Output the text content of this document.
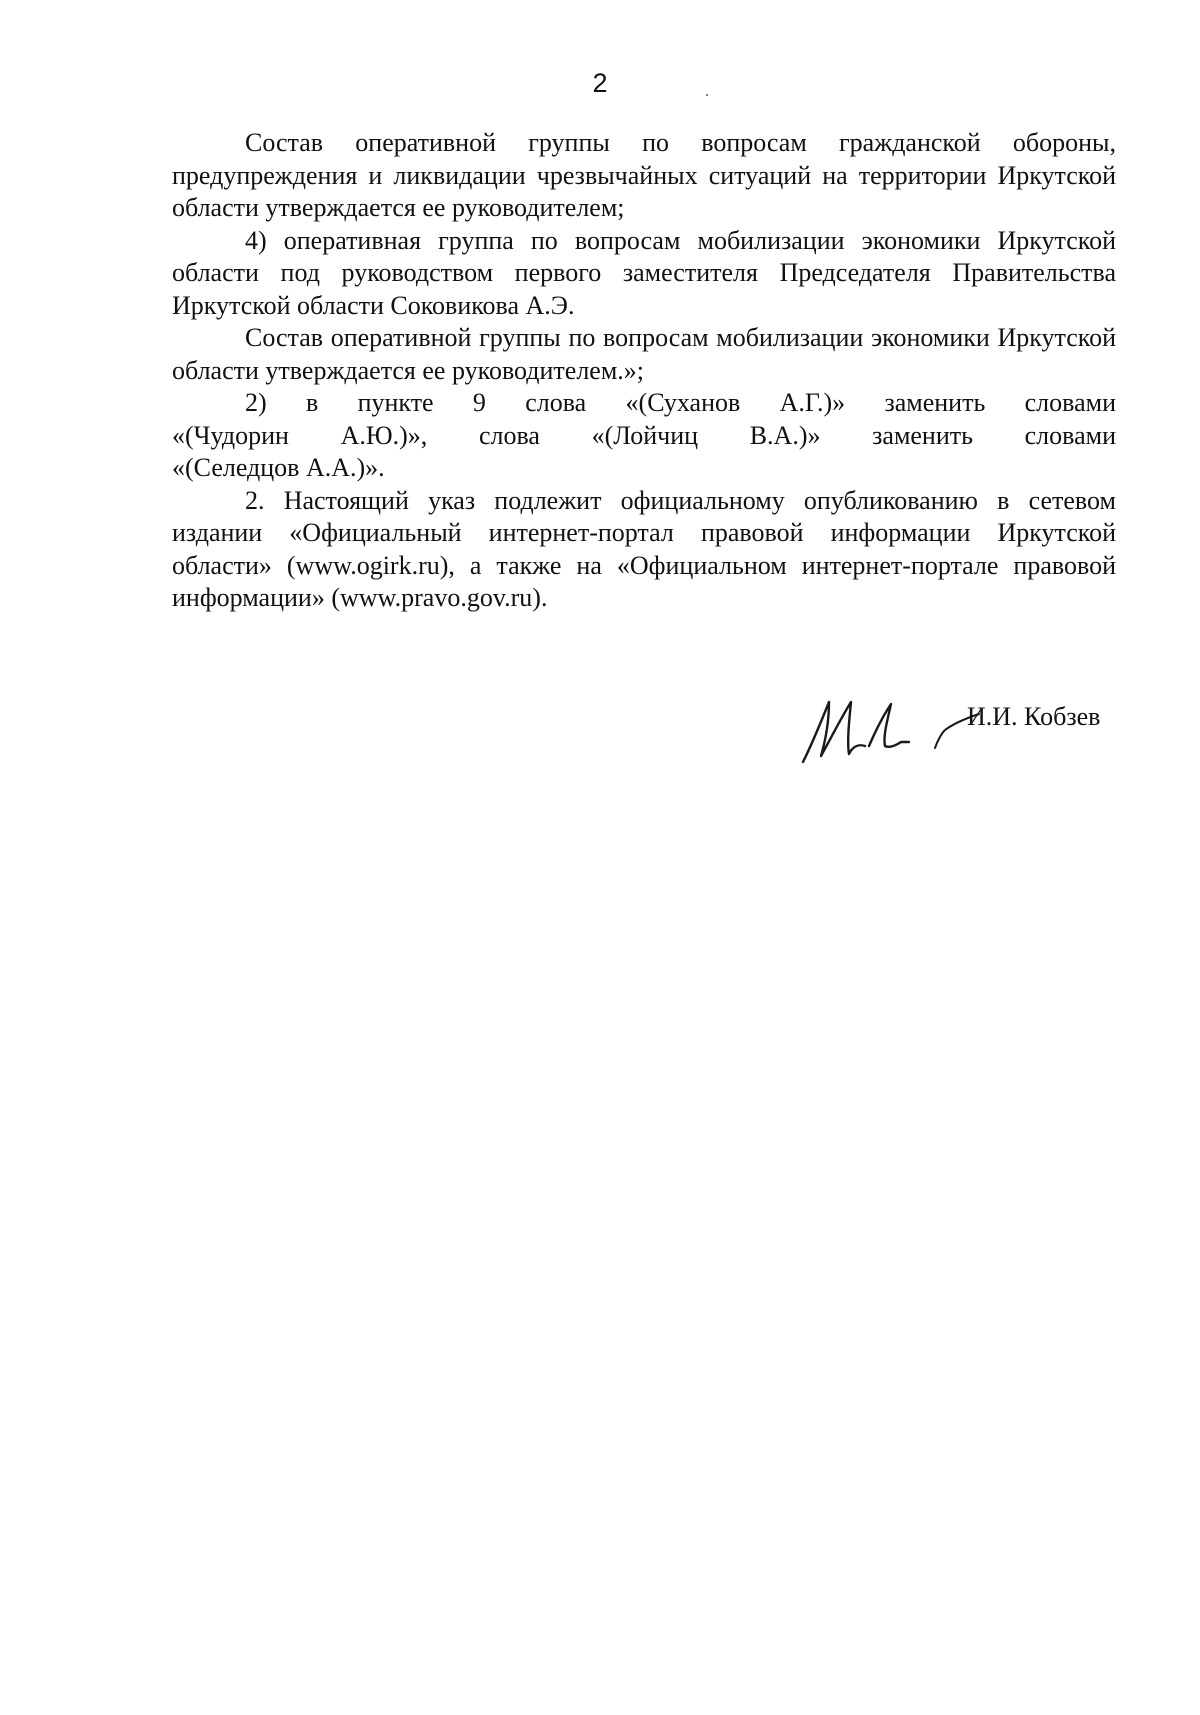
2

Состав оперативной группы по вопросам гражданской обороны, предупреждения и ликвидации чрезвычайных ситуаций на территории Иркутской области утверждается ее руководителем;

4) оперативная группа по вопросам мобилизации экономики Иркутской области под руководством первого заместителя Председателя Правительства Иркутской области Соковикова А.Э.

Состав оперативной группы по вопросам мобилизации экономики Иркутской области утверждается ее руководителем.»;

2) в пункте 9 слова «(Суханов А.Г.)» заменить словами

«(Чудорин А.Ю.)», слова «(Лойчиц В.А.)» заменить словами

«(Селедцов А.А.)».

2. Настоящий указ подлежит официальному опубликованию в сетевом издании «Официальный интернет-портал правовой информации Иркутской области» (www.ogirk.ru), а также на «Официальном интернет-портале правовой информации» (www.pravo.gov.ru).

И.И. Кобзев
